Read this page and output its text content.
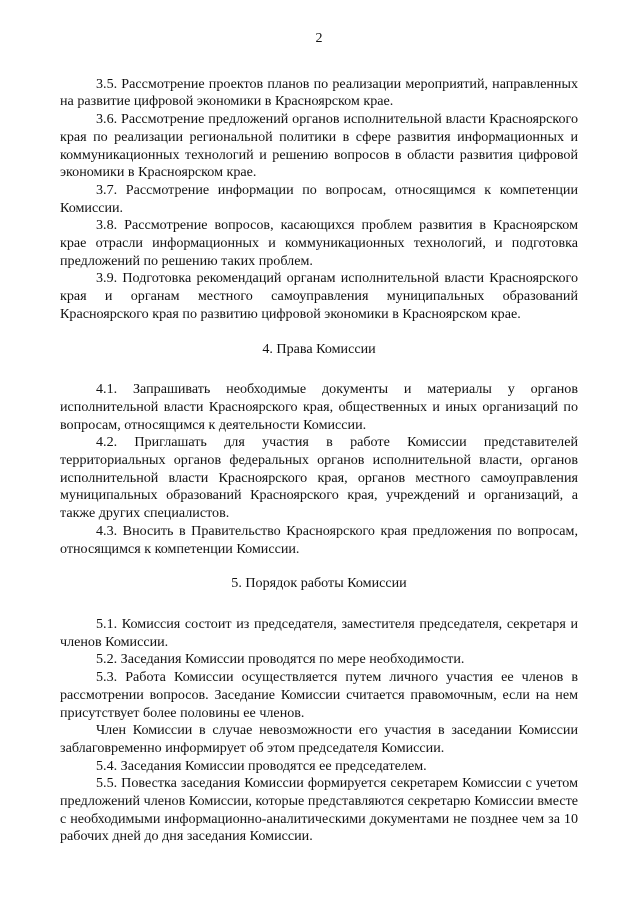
2

3.5. Рассмотрение проектов планов по реализации мероприятий, направленных на развитие цифровой экономики в Красноярском крае.

3.6. Рассмотрение предложений органов исполнительной власти Красноярского края по реализации региональной политики в сфере развития информационных и коммуникационных технологий и решению вопросов в области развития цифровой экономики в Красноярском крае.

3.7. Рассмотрение информации по вопросам, относящимся к компетенции Комиссии.

3.8. Рассмотрение вопросов, касающихся проблем развития в Красноярском крае отрасли информационных и коммуникационных технологий, и подготовка предложений по решению таких проблем.

3.9. Подготовка рекомендаций органам исполнительной власти Красноярского края и органам местного самоуправления муниципальных образований Красноярского края по развитию цифровой экономики в Красноярском крае.

4. Права Комиссии

4.1. Запрашивать необходимые документы и материалы у органов исполнительной власти Красноярского края, общественных и иных организаций по вопросам, относящимся к деятельности Комиссии.

4.2. Приглашать для участия в работе Комиссии представителей территориальных органов федеральных органов исполнительной власти, органов исполнительной власти Красноярского края, органов местного самоуправления муниципальных образований Красноярского края, учреждений и организаций, а также других специалистов.

4.3. Вносить в Правительство Красноярского края предложения по вопросам, относящимся к компетенции Комиссии.

5. Порядок работы Комиссии

5.1. Комиссия состоит из председателя, заместителя председателя, секретаря и членов Комиссии.

5.2. Заседания Комиссии проводятся по мере необходимости.

5.3. Работа Комиссии осуществляется путем личного участия ее членов в рассмотрении вопросов. Заседание Комиссии считается правомочным, если на нем присутствует более половины ее членов.

Член Комиссии в случае невозможности его участия в заседании Комиссии заблаговременно информирует об этом председателя Комиссии.

5.4. Заседания Комиссии проводятся ее председателем.

5.5. Повестка заседания Комиссии формируется секретарем Комиссии с учетом предложений членов Комиссии, которые представляются секретарю Комиссии вместе с необходимыми информационно-аналитическими документами не позднее чем за 10 рабочих дней до дня заседания Комиссии.
